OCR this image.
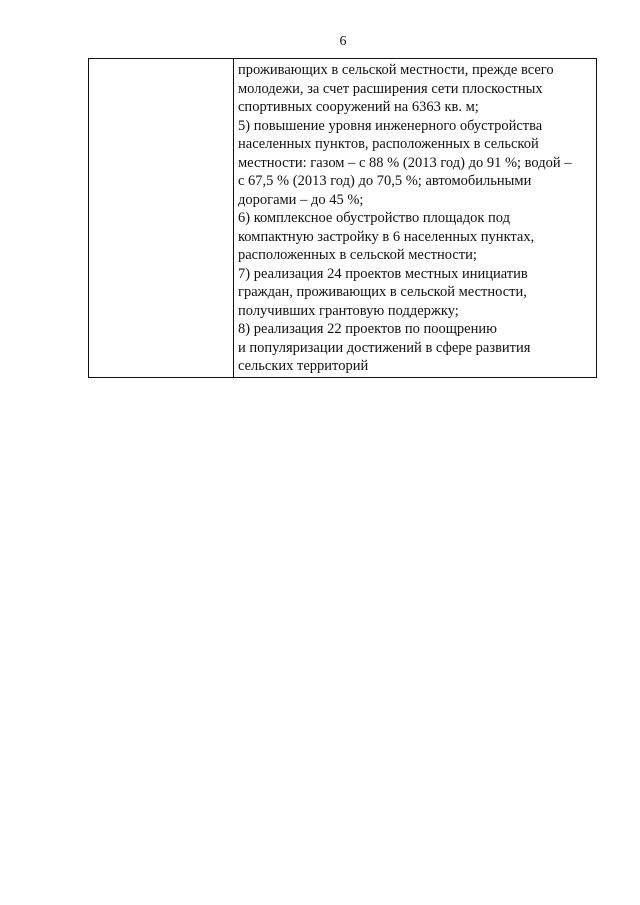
6

проживающих в сельской местности, прежде всего
молодежи, за счет расширения сети плоскостных
спортивных сооружений на 6363 кв. м;
5) повышение уровня инженерного обустройства
населенных пунктов, расположенных в сельской
местности: газом – с 88 % (2013 год) до 91 %; водой –
с 67,5 % (2013 год) до 70,5 %; автомобильными
дорогами – до 45 %;
6) комплексное обустройство площадок под
компактную застройку в 6 населенных пунктах,
расположенных в сельской местности;
7) реализация 24 проектов местных инициатив
граждан, проживающих в сельской местности,
получивших грантовую поддержку;
8) реализация 22 проектов по поощрению
и популяризации достижений в сфере развития
сельских территорий
